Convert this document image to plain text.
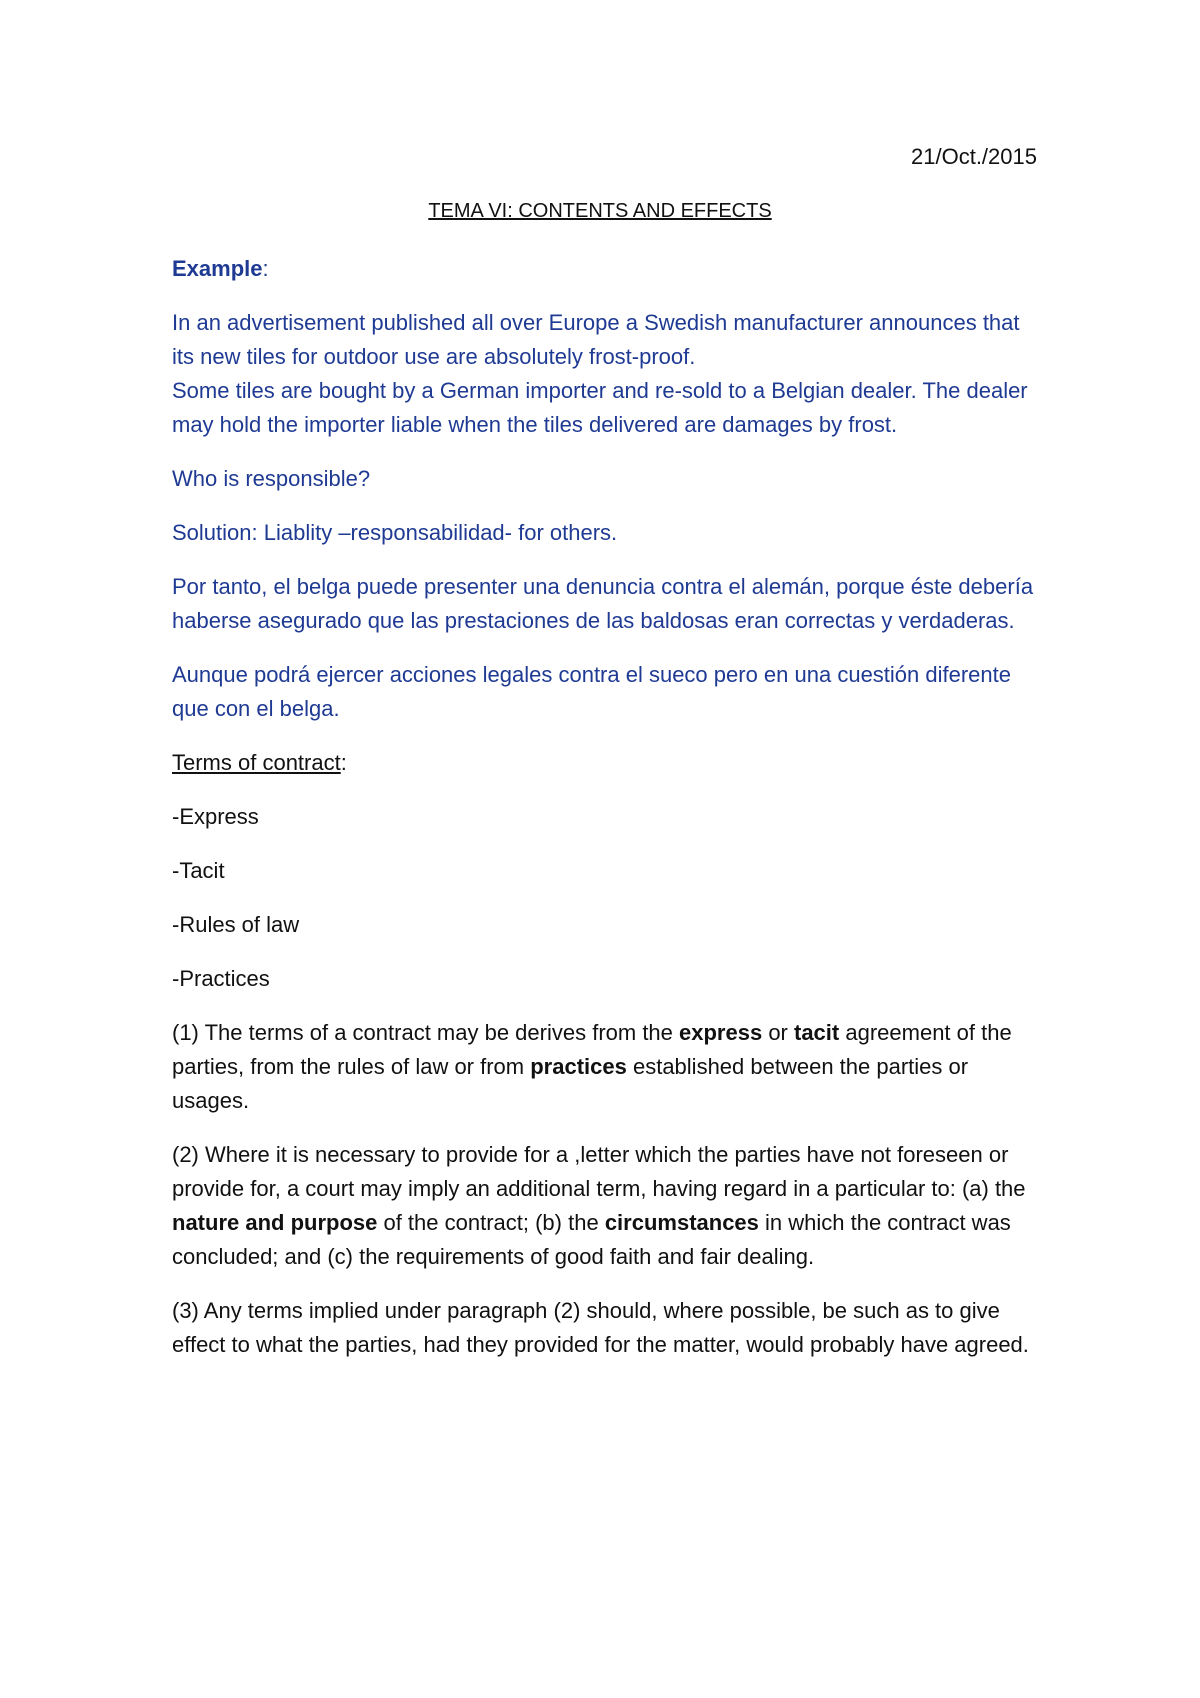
21/Oct./2015
TEMA VI: CONTENTS AND EFFECTS

Example:

In an advertisement published all over Europe a Swedish manufacturer announces that its new tiles for outdoor use are absolutely frost-proof.
Some tiles are bought by a German importer and re-sold to a Belgian dealer. The dealer may hold the importer liable when the tiles delivered are damages by frost.

Who is responsible?

Solution: Liablity –responsabilidad- for others.

Por tanto, el belga puede presenter una denuncia contra el alemán, porque éste debería haberse asegurado que las prestaciones de las baldosas eran correctas y verdaderas.

Aunque podrá ejercer acciones legales contra el sueco pero en una cuestión diferente que con el belga.

Terms of contract:

-Express

-Tacit

-Rules of law

-Practices

(1) The terms of a contract may be derives from the express or tacit agreement of the parties, from the rules of law or from practices established between the parties or usages.

(2) Where it is necessary to provide for a ,letter which the parties have not foreseen or provide for, a court may imply an additional term, having regard in a particular to: (a) the nature and purpose of the contract; (b) the circumstances in which the contract was concluded; and (c) the requirements of good faith and fair dealing.

(3) Any terms implied under paragraph (2) should, where possible, be such as to give effect to what the parties, had they provided for the matter, would probably have agreed.
